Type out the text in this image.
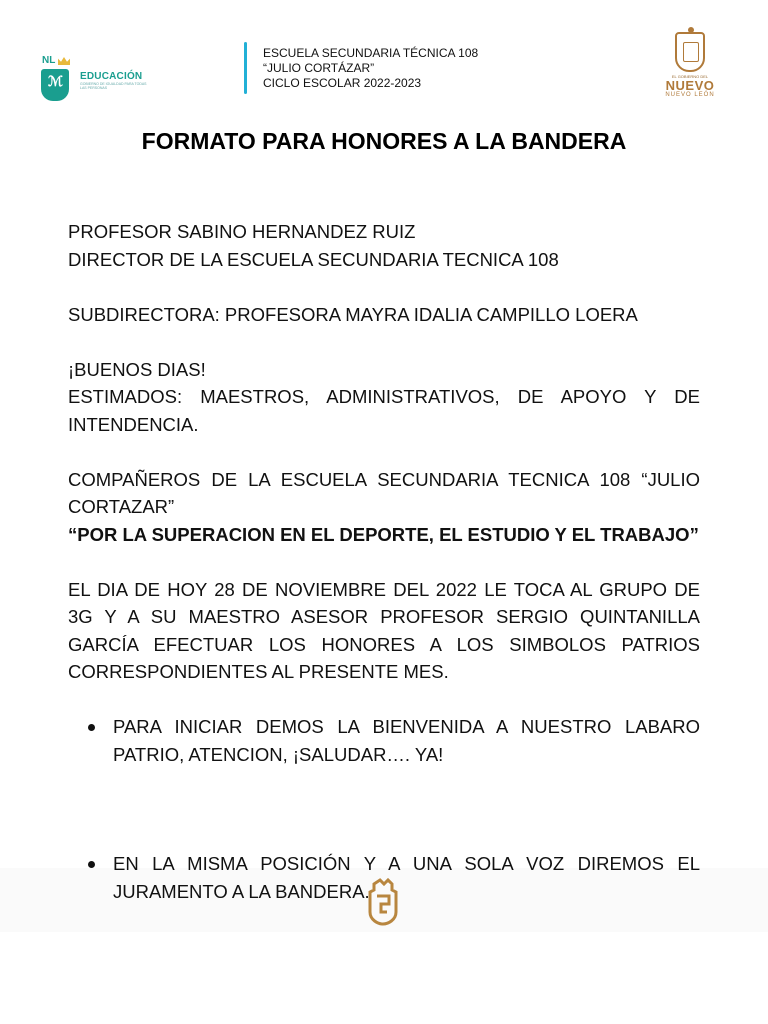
NL
ℳ EDUCACIÓN
GOBIERNO DE IGUALDAD PARA TODAS LAS PERSONAS
ESCUELA SECUNDARIA TÉCNICA 108
“JULIO CORTÁZAR”
CICLO ESCOLAR 2022-2023	EL GOBIERNO DEL
NUEVO
NUEVO LEÓN
FORMATO PARA HONORES A LA BANDERA

PROFESOR SABINO HERNANDEZ RUIZ

DIRECTOR DE LA ESCUELA SECUNDARIA TECNICA 108

SUBDIRECTORA: PROFESORA MAYRA IDALIA CAMPILLO LOERA

¡BUENOS DIAS!

ESTIMADOS: MAESTROS, ADMINISTRATIVOS, DE APOYO Y DE INTENDENCIA.

COMPAÑEROS DE LA ESCUELA SECUNDARIA TECNICA 108 “JULIO CORTAZAR”

“POR LA SUPERACION EN EL DEPORTE, EL ESTUDIO Y EL TRABAJO”

EL DIA DE HOY 28 DE NOVIEMBRE DEL 2022 LE TOCA AL GRUPO DE 3G Y A SU MAESTRO ASESOR PROFESOR SERGIO QUINTANILLA GARCÍA EFECTUAR LOS HONORES A LOS SIMBOLOS PATRIOS CORRESPONDIENTES AL PRESENTE MES.

PARA INICIAR DEMOS LA BIENVENIDA A NUESTRO LABARO PATRIO, ATENCION, ¡SALUDAR…. YA!
EN LA MISMA POSICIÓN Y A UNA SOLA VOZ DIREMOS EL JURAMENTO A LA BANDERA.
